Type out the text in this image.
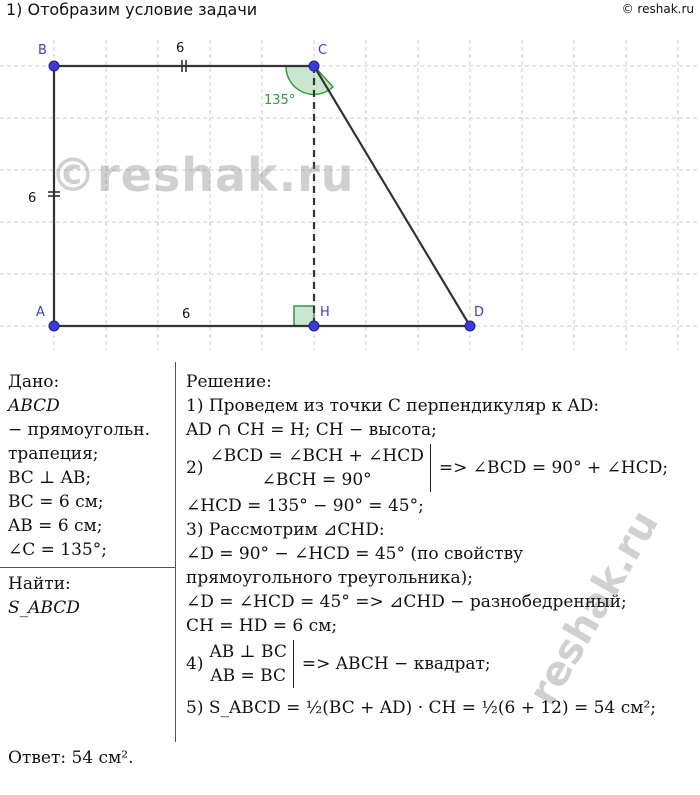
1) Отобразим условие задачи	© reshak.ru
B	C
A	H	D
6
6
6
135°
©reshak.ru
reshak.ru
Дано:
ABCD
− прямоугольн.
трапеция;
BC ⊥ AB;
BC = 6 см;
AB = 6 см;
∠C = 135°;
Найти:
S_ABCD
Решение:
1) Проведем из точки C перпендикуляр к AD:
AD ∩ CH = H; CH − высота;
2)
∠BCD = ∠BCH + ∠HCD
∠BCH = 90°
=> ∠BCD = 90° + ∠HCD;
∠HCD = 135° − 90° = 45°;
3) Рассмотрим ⊿CHD:
∠D = 90° − ∠HCD = 45° (по свойству
прямоугольного треугольника);
∠D = ∠HCD = 45° => ⊿CHD − разнобедренный;
CH = HD = 6 см;
4)
AB ⊥ BC
AB = BC
=> ABCH − квадрат;
5) S_ABCD = ½(BC + AD) · CH = ½(6 + 12) = 54 см²;
Ответ: 54 см².
